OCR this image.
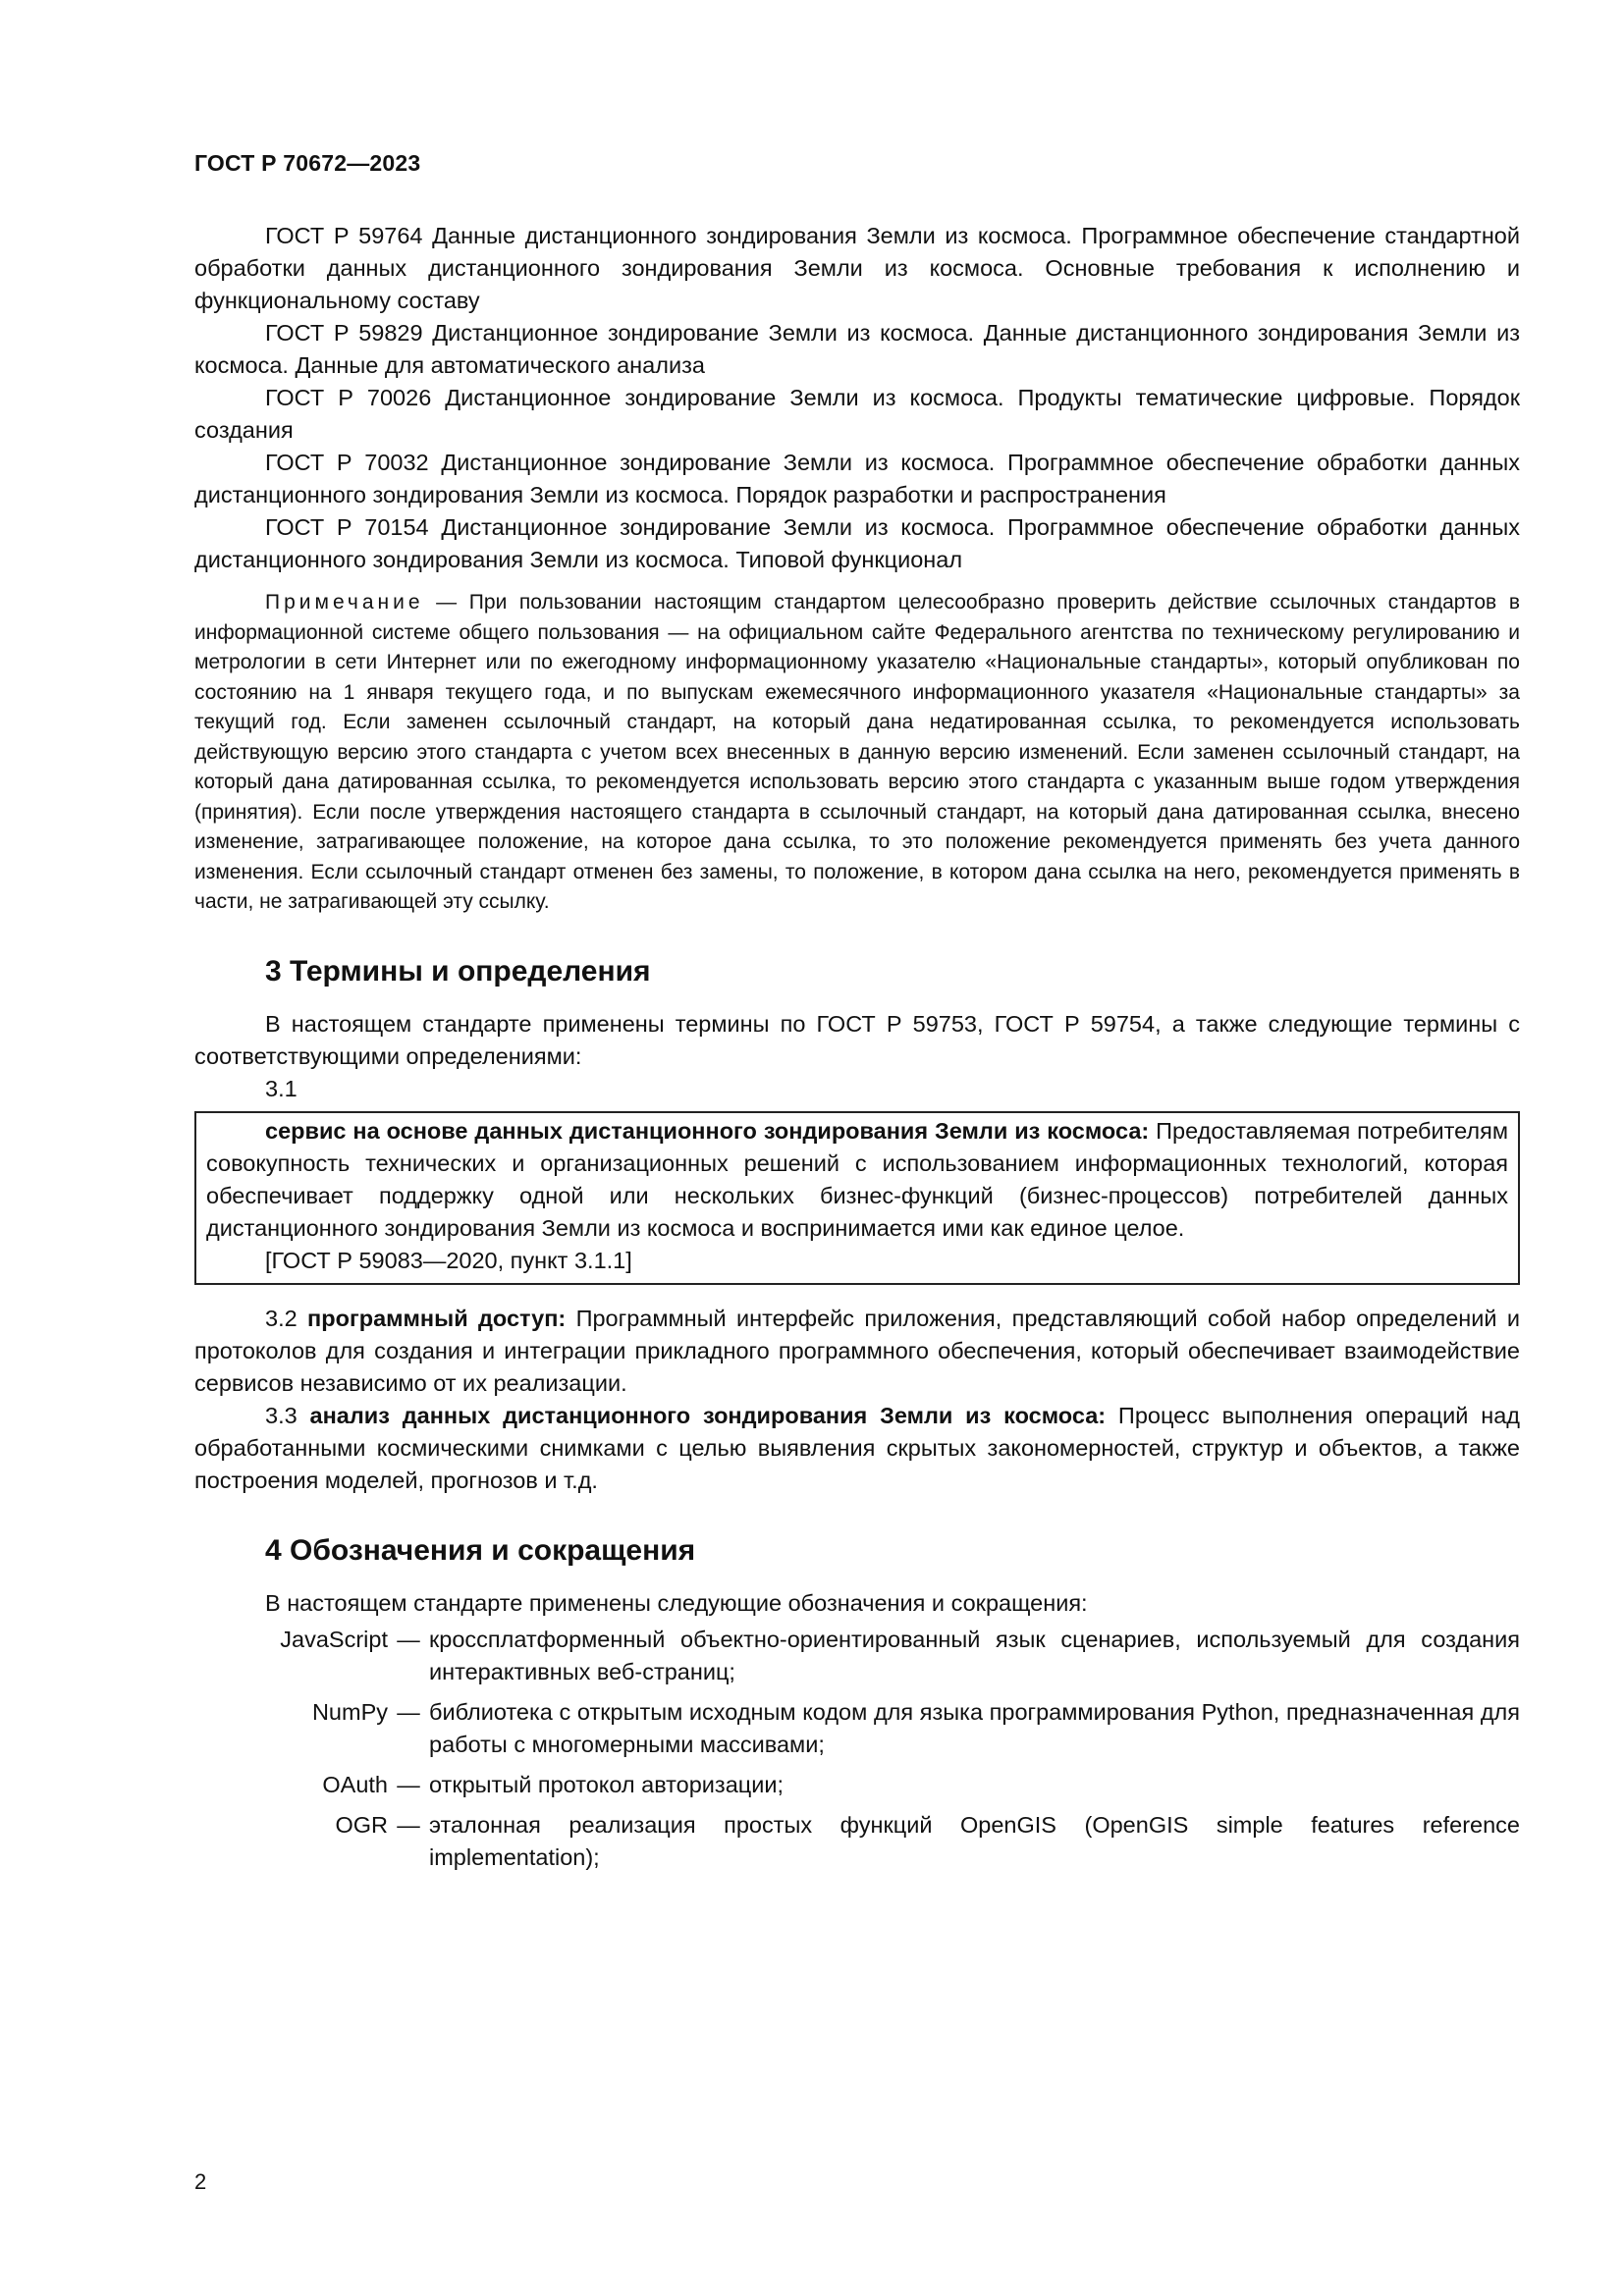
ГОСТ Р 70672—2023

ГОСТ Р 59764 Данные дистанционного зондирования Земли из космоса. Программное обеспечение стандартной обработки данных дистанционного зондирования Земли из космоса. Основные требования к исполнению и функциональному составу

ГОСТ Р 59829 Дистанционное зондирование Земли из космоса. Данные дистанционного зондирования Земли из космоса. Данные для автоматического анализа

ГОСТ Р 70026 Дистанционное зондирование Земли из космоса. Продукты тематические цифровые. Порядок создания

ГОСТ Р 70032 Дистанционное зондирование Земли из космоса. Программное обеспечение обработки данных дистанционного зондирования Земли из космоса. Порядок разработки и распространения

ГОСТ Р 70154 Дистанционное зондирование Земли из космоса. Программное обеспечение обработки данных дистанционного зондирования Земли из космоса. Типовой функционал

Примечание — При пользовании настоящим стандартом целесообразно проверить действие ссылочных стандартов в информационной системе общего пользования — на официальном сайте Федерального агентства по техническому регулированию и метрологии в сети Интернет или по ежегодному информационному указателю «Национальные стандарты», который опубликован по состоянию на 1 января текущего года, и по выпускам ежемесячного информационного указателя «Национальные стандарты» за текущий год. Если заменен ссылочный стандарт, на который дана недатированная ссылка, то рекомендуется использовать действующую версию этого стандарта с учетом всех внесенных в данную версию изменений. Если заменен ссылочный стандарт, на который дана датированная ссылка, то рекомендуется использовать версию этого стандарта с указанным выше годом утверждения (принятия). Если после утверждения настоящего стандарта в ссылочный стандарт, на который дана датированная ссылка, внесено изменение, затрагивающее положение, на которое дана ссылка, то это положение рекомендуется применять без учета данного изменения. Если ссылочный стандарт отменен без замены, то положение, в котором дана ссылка на него, рекомендуется применять в части, не затрагивающей эту ссылку.

3 Термины и определения

В настоящем стандарте применены термины по ГОСТ Р 59753, ГОСТ Р 59754, а также следующие термины с соответствующими определениями:

3.1

сервис на основе данных дистанционного зондирования Земли из космоса: Предоставляемая потребителям совокупность технических и организационных решений с использованием информационных технологий, которая обеспечивает поддержку одной или нескольких бизнес-функций (бизнес-процессов) потребителей данных дистанционного зондирования Земли из космоса и воспринимается ими как единое целое.

[ГОСТ Р 59083—2020, пункт 3.1.1]

3.2 программный доступ: Программный интерфейс приложения, представляющий собой набор определений и протоколов для создания и интеграции прикладного программного обеспечения, который обеспечивает взаимодействие сервисов независимо от их реализации.

3.3 анализ данных дистанционного зондирования Земли из космоса: Процесс выполнения операций над обработанными космическими снимками с целью выявления скрытых закономерностей, структур и объектов, а также построения моделей, прогнозов и т.д.

4 Обозначения и сокращения

В настоящем стандарте применены следующие обозначения и сокращения:

JavaScript — кроссплатформенный объектно-ориентированный язык сценариев, используемый для создания интерактивных веб-страниц;
NumPy — библиотека с открытым исходным кодом для языка программирования Python, предназначенная для работы с многомерными массивами;
OAuth — открытый протокол авторизации;
OGR — эталонная реализация простых функций OpenGIS (OpenGIS simple features reference implementation);
2
